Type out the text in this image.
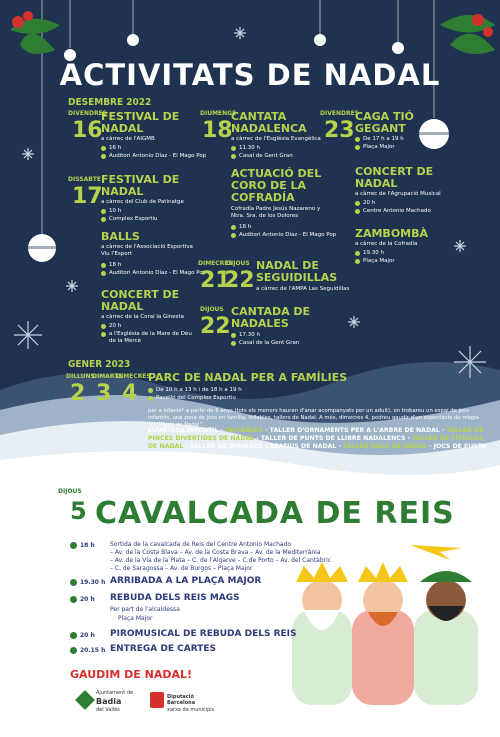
ACTIVITATS DE NADAL
DESEMBRE 2022
DIVENDRES
16
FESTIVAL DE NADAL
a càrrec de l'AIGMB
16 h
Auditori Antonio Díaz - El Mago Pop
DISSABTE
17
FESTIVAL DE NADAL
a càrrec del Club de Patinatge
10 h
Complex Esportiu
BALLS
a càrrec de l'Associació Esportiva Viu l'Esport
18 h
Auditori Antonio Díaz - El Mago Pop
CONCERT DE NADAL
a càrrec de la Coral la Ginesta
20 h
a l'Església de la Mare de Déu de la Mercè
DIUMENGE
18
CANTATA NADALENCA
a càrrec de l'Església Evangèlica
11.30 h
Casal de Gent Gran
ACTUACIÓ DEL CORO DE LA COFRADÍA
Cofradía Padre Jesús Nazareno y Ntra. Sra. de los Dolores
18 h
Auditori Antonio Díaz - El Mago Pop
DIMECRES
21
DIJOUS
22
NADAL DE SEGUIDILLAS
a càrrec de l'AMPA Las Seguidillas
DIJOUS
22
CANTADA DE NADALES
17.30 h
Casal de la Gent Gran
DIVENDRES
23
CAGA TIÓ GEGANT
De 17 h a 19 h
Plaça Major
CONCERT DE NADAL
a càrrec de l'Agrupació Musical
20 h
Centre Antonio Machado
ZAMBOMBÀ
a càrrec de la Cofradía
19.30 h
Plaça Major
GENER 2023
DILLUNS
2
DIMARTS
3
DIMECRES
4
PARC DE NADAL PER A FAMÍLIES
De 10 h a 13 h i de 18 h a 19 h
Pavelló del Complex Esportiu
per a infants* a partir de 6 anys (tots els menors hauran d'anar acompanyats per un adult), on trobareu un espai de jocs infantils, una zona de jocs en família, inflables, tallers de Nadal. A més, dimecres 4, podreu gaudir d'un espectacle de màgia "La Màgia de Nadal".
LUDOTECA INFANTIL · INFLABLES · TALLER D'ORNAMENTS PER A L'ARBRE DE NADAL · TALLER DE PINCES DIVERTIDES DE NADAL · TALLER DE PUNTS DE LLIBRE NADALENCS · TALLER DE TITELLES DE NADAL · TALLER DE DIBUIXOS CREATIUS DE NADAL · TALLER DOLÇ DE NADAL · JOCS DE FUSTA · I MOLT MÉS...
DIJOUS
5 CAVALCADA DE REIS
18 h	Sortida de la cavalcada de Reis del Centre Antonio Machado
– Av. de la Costa Blava – Av. de la Costa Brava – Av. de la Mediterrània
– Av. de la Vía de la Plata – C. de l'Algarve – C.de Porto – Av. del Cantàbric
– C. de Saragossa – Av. de Burgos – Plaça Major
19.30 h ARRIBADA A LA PLAÇA MAJOR
20 h REBUDA DELS REIS MAGS
Per part de l'alcaldessa
Plaça Major
20 h PIROMUSICAL DE REBUDA DELS REIS
20.15 h ENTREGA DE CARTES
GAUDIM DE NADAL!
Ajuntament de
Badia
del Vallès
Diputació Barcelona
xarxa de municipis
